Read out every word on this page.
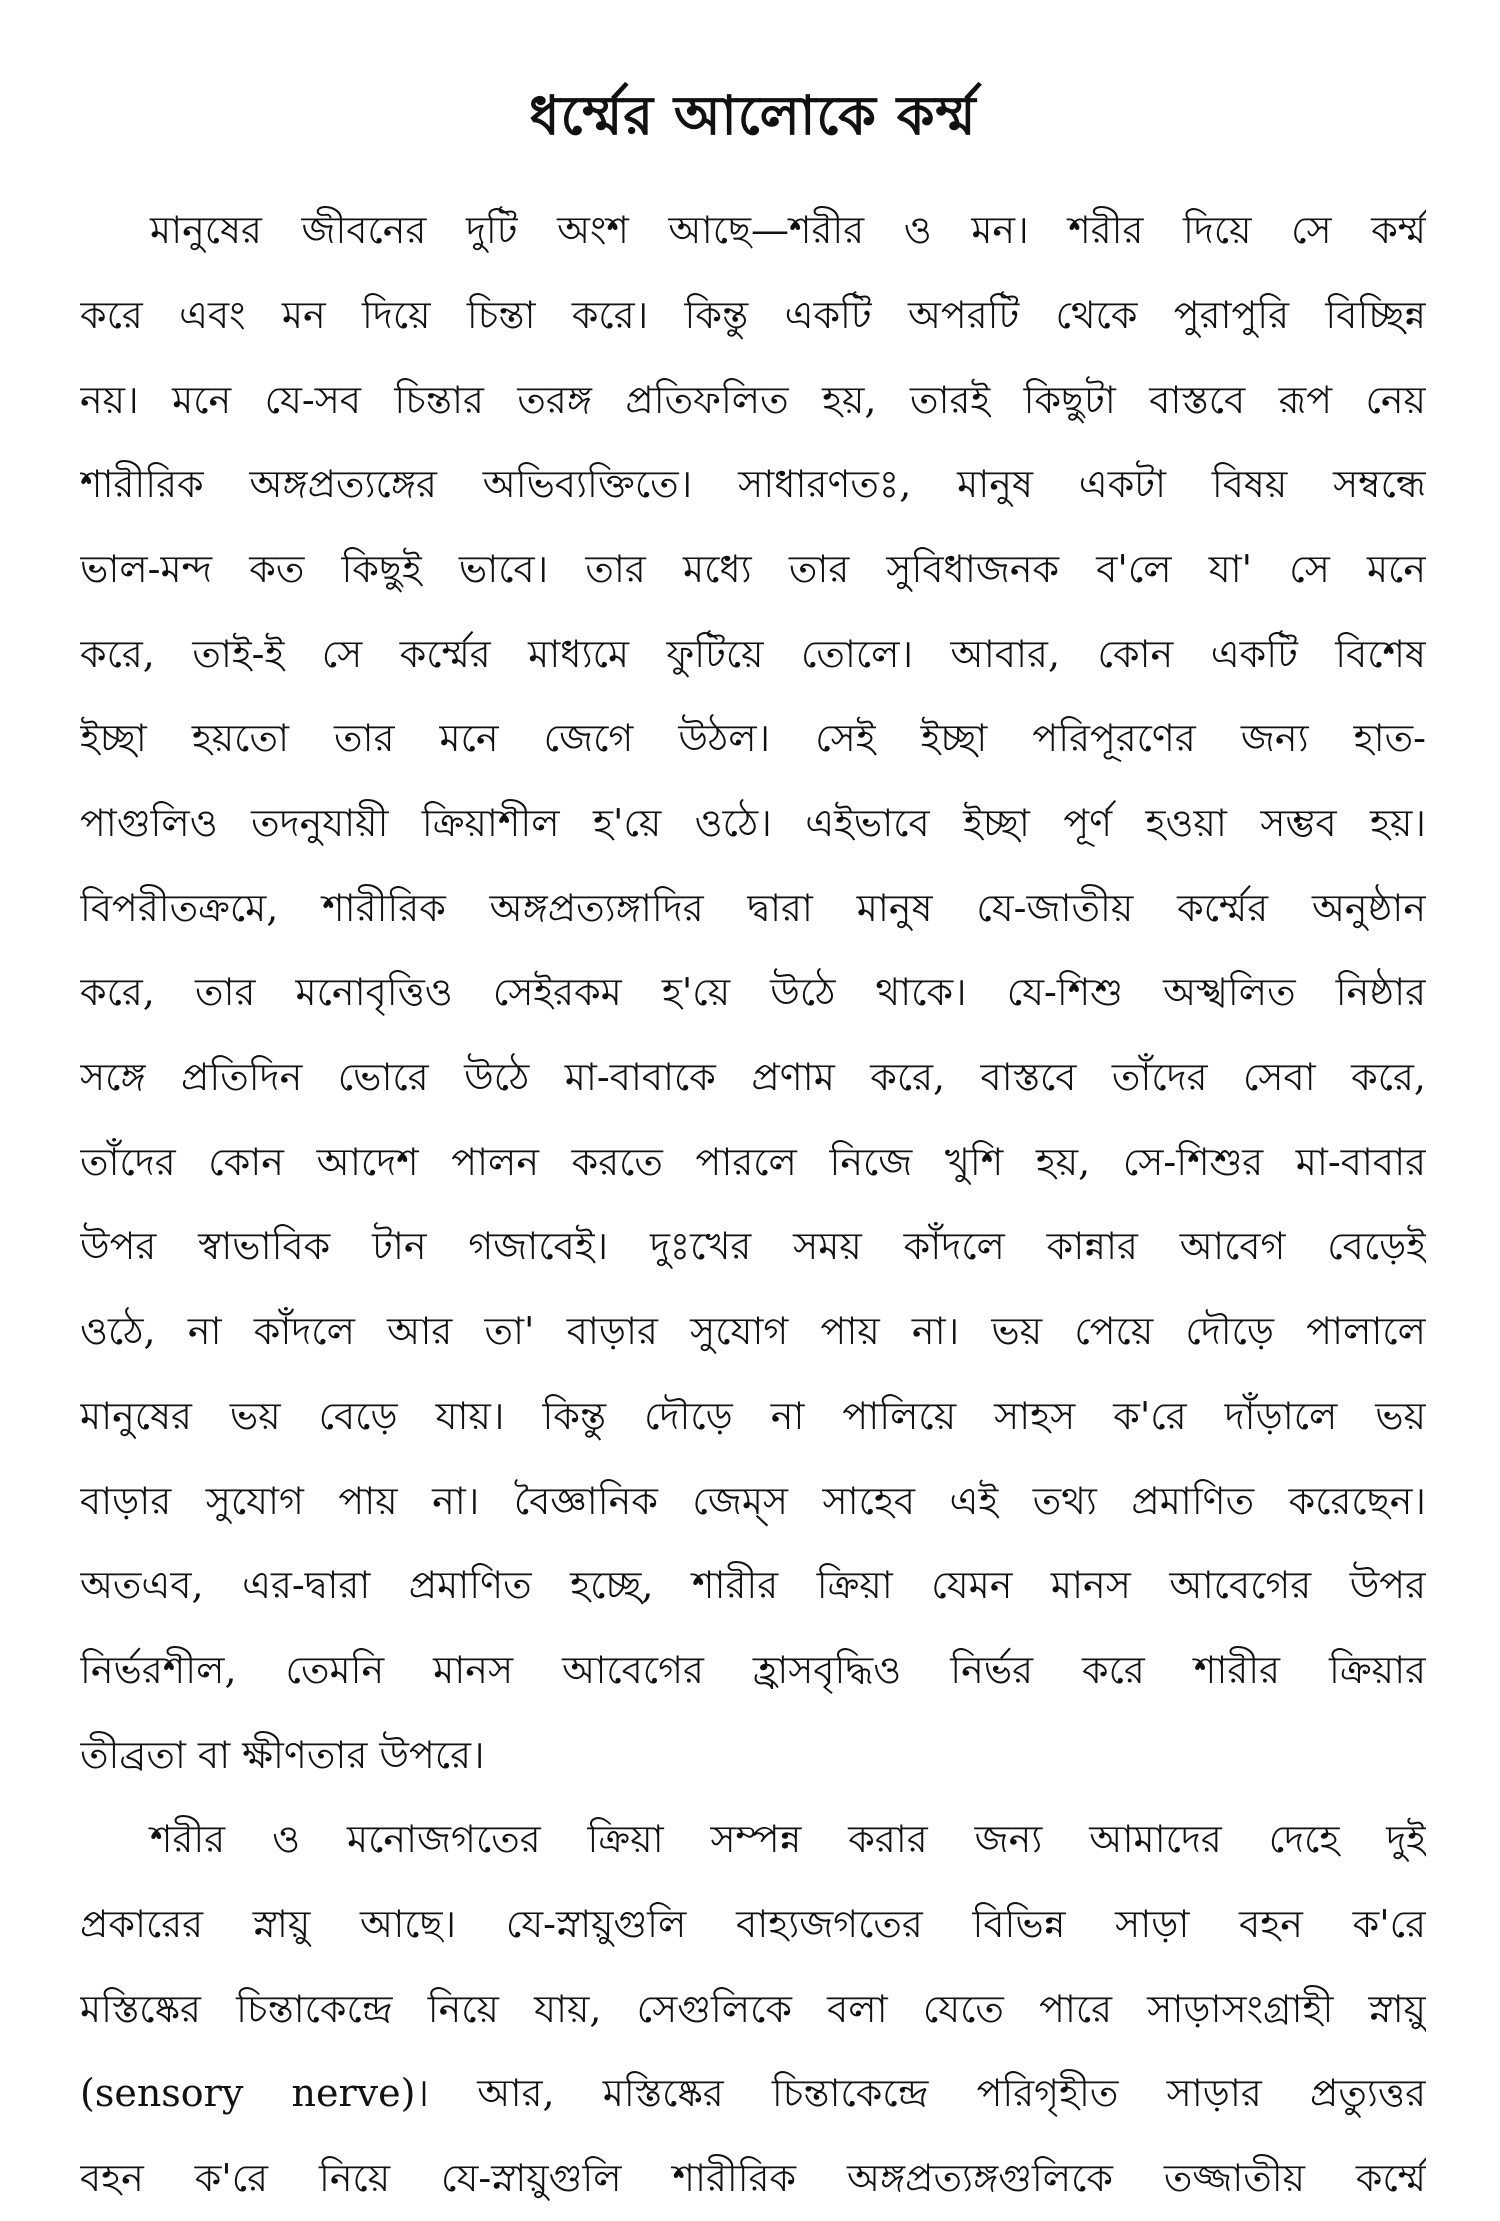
ধর্ম্মের আলোকে কর্ম্ম
মানুষের জীবনের দুটি অংশ আছে—শরীর ও মন। শরীর দিয়ে সে কর্ম্ম
করে এবং মন দিয়ে চিন্তা করে। কিন্তু একটি অপরটি থেকে পুরাপুরি বিচ্ছিন্ন
নয়। মনে যে-সব চিন্তার তরঙ্গ প্রতিফলিত হয়, তারই কিছুটা বাস্তবে রূপ নেয়
শারীরিক অঙ্গপ্রত্যঙ্গের অভিব্যক্তিতে। সাধারণতঃ, মানুষ একটা বিষয় সম্বন্ধে
ভাল-মন্দ কত কিছুই ভাবে। তার মধ্যে তার সুবিধাজনক ব'লে যা' সে মনে
করে, তাই-ই সে কর্ম্মের মাধ্যমে ফুটিয়ে তোলে। আবার, কোন একটি বিশেষ
ইচ্ছা হয়তো তার মনে জেগে উঠল। সেই ইচ্ছা পরিপূরণের জন্য হাত-
পাগুলিও তদনুযায়ী ক্রিয়াশীল হ'য়ে ওঠে। এইভাবে ইচ্ছা পূর্ণ হওয়া সম্ভব হয়।
বিপরীতক্রমে, শারীরিক অঙ্গপ্রত্যঙ্গাদির দ্বারা মানুষ যে-জাতীয় কর্ম্মের অনুষ্ঠান
করে, তার মনোবৃত্তিও সেইরকম হ'য়ে উঠে থাকে। যে-শিশু অস্খলিত নিষ্ঠার
সঙ্গে প্রতিদিন ভোরে উঠে মা-বাবাকে প্রণাম করে, বাস্তবে তাঁদের সেবা করে,
তাঁদের কোন আদেশ পালন করতে পারলে নিজে খুশি হয়, সে-শিশুর মা-বাবার
উপর স্বাভাবিক টান গজাবেই। দুঃখের সময় কাঁদলে কান্নার আবেগ বেড়েই
ওঠে, না কাঁদলে আর তা' বাড়ার সুযোগ পায় না। ভয় পেয়ে দৌড়ে পালালে
মানুষের ভয় বেড়ে যায়। কিন্তু দৌড়ে না পালিয়ে সাহস ক'রে দাঁড়ালে ভয়
বাড়ার সুযোগ পায় না। বৈজ্ঞানিক জেম্‌স সাহেব এই তথ্য প্রমাণিত করেছেন।
অতএব, এর-দ্বারা প্রমাণিত হচ্ছে, শারীর ক্রিয়া যেমন মানস আবেগের উপর
নির্ভরশীল, তেমনি মানস আবেগের হ্রাসবৃদ্ধিও নির্ভর করে শারীর ক্রিয়ার
তীব্রতা বা ক্ষীণতার উপরে।
শরীর ও মনোজগতের ক্রিয়া সম্পন্ন করার জন্য আমাদের দেহে দুই
প্রকারের স্নায়ু আছে। যে-স্নায়ুগুলি বাহ্যজগতের বিভিন্ন সাড়া বহন ক'রে
মস্তিষ্কের চিন্তাকেন্দ্রে নিয়ে যায়, সেগুলিকে বলা যেতে পারে সাড়াসংগ্রাহী স্নায়ু
(sensory nerve)। আর, মস্তিষ্কের চিন্তাকেন্দ্রে পরিগৃহীত সাড়ার প্রত্যুত্তর
বহন ক'রে নিয়ে যে-স্নায়ুগুলি শারীরিক অঙ্গপ্রত্যঙ্গগুলিকে তজ্জাতীয় কর্ম্মে
